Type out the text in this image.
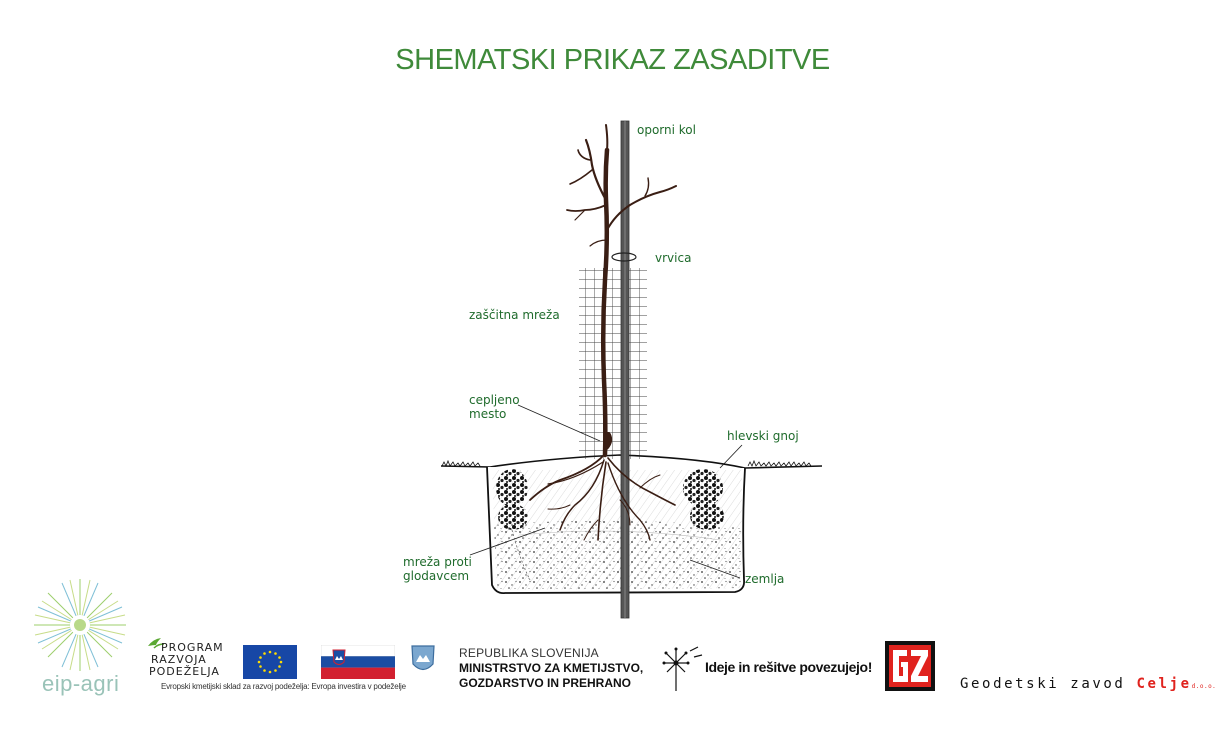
SHEMATSKI PRIKAZ ZASADITVE
oporni kol
vrvica
zaščitna mreža
cepljeno
mesto
hlevski gnoj
mreža proti
glodavcem	zemlja
eip-agri
PROGRAM
RAZVOJA
PODEŽELJA
Evropski kmetijski sklad za razvoj podeželja: Evropa investira v podeželje
REPUBLIKA SLOVENIJA
MINISTRSTVO ZA KMETIJSTVO,
GOZDARSTVO IN PREHRANO
Ideje in rešitve povezujejo!
Geodetski zavod Celjed.o.o.
